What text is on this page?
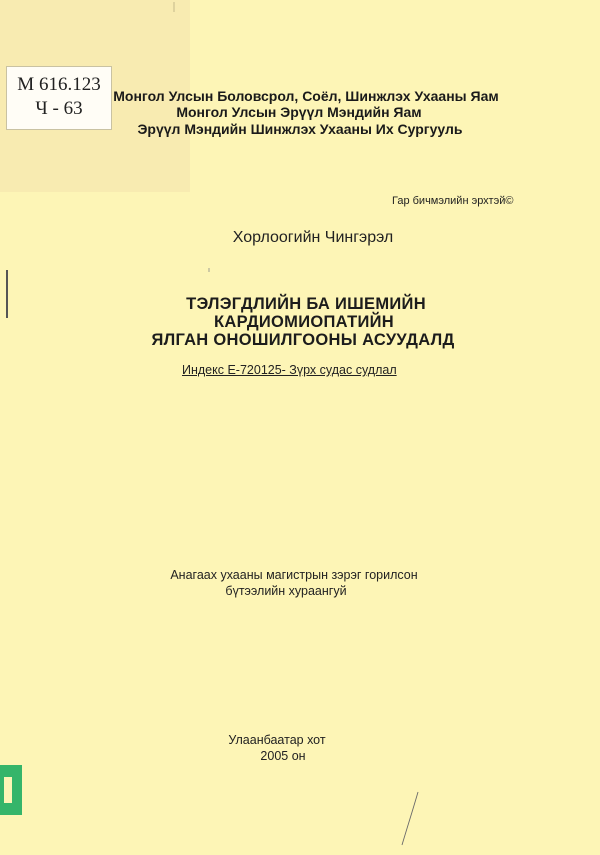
M 616.123
Ч - 63
Монгол Улсын Боловсрол, Соёл, Шинжлэх Ухааны Яам
Монгол Улсын Эрүүл Мэндийн Яам
Эрүүл Мэндийн Шинжлэх Ухааны Их Сургууль
Гар бичмэлийн эрхтэй©
Хорлоогийн Чингэрэл
ТЭЛЭГДЛИЙН БА ИШЕМИЙН
КАРДИОМИОПАТИЙН
ЯЛГАН ОНОШИЛГООНЫ АСУУДАЛД
Индекс Е-720125- Зүрх судас судлал
Анагаах ухааны магистрын зэрэг горилсон
бүтээлийн хураангуй
Улаанбаатар хот
2005 он
